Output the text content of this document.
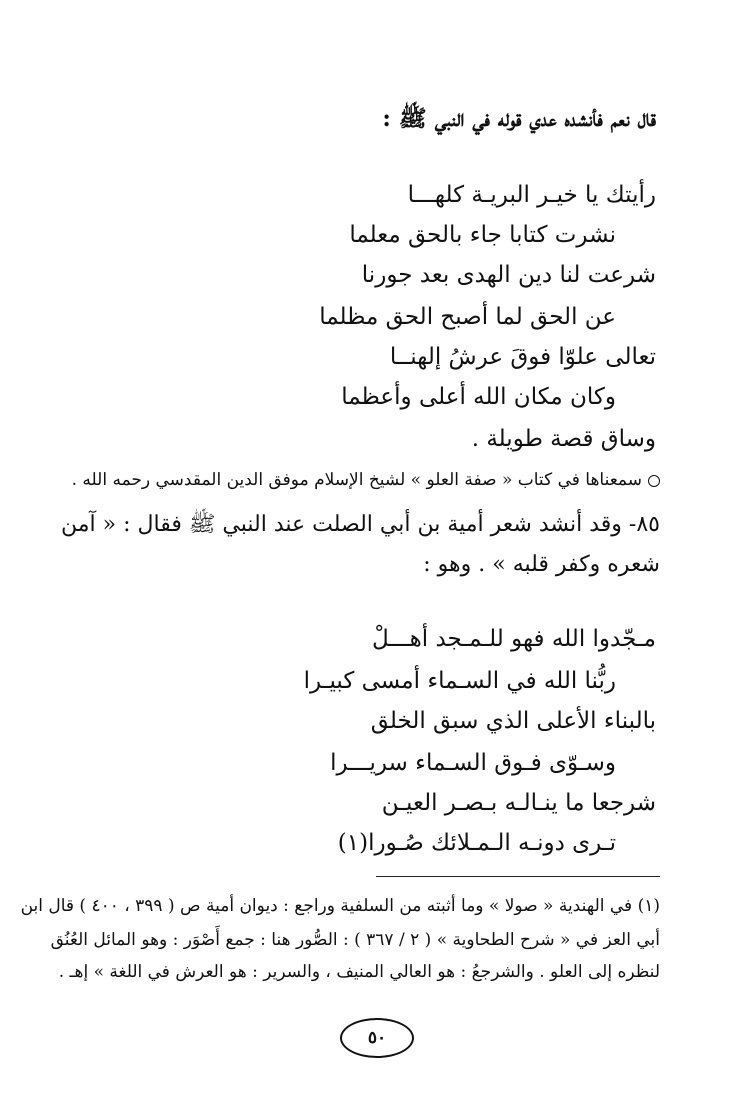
قال نعم فأنشده عدي قوله في النبي ﷺ :
رأيتك يا خيـر البريـة كلهـــا
نشرت كتابا جاء بالحق معلما
شرعت لنا دين الهدى بعد جورنا
عن الحق لما أصبح الحق مظلما
تعالى علوّا فوقَ عرشُ إلهنــا
وكان مكان الله أعلى وأعظما
وساق قصة طويلة .
سمعناها في كتاب « صفة العلو » لشيخ الإسلام موفق الدين المقدسي رحمه الله .
٨٥- وقد أنشد شعر أمية بن أبي الصلت عند النبي ﷺ فقال : « آمن
شعره وكفر قلبه » . وهو :
مـجّدوا الله فهو للـمـجد أهـــلْ
ربُّنا الله في السـماء أمسى كبيـرا
بالبناء الأعلى الذي سبق الخلق
وسـوّى فـوق السـماء سريـــرا
شرجعا ما ينـالـه بـصـر العيـن
تـرى دونـه الـمـلائك صُـورا(١)
(١) في الهندية « صولا » وما أثبته من السلفية وراجع : ديوان أمية ص ( ٣٩٩ ، ٤٠٠ ) قال ابن
أبي العز في « شرح الطحاوية » ( ٢ / ٣٦٧ ) : الصُّور هنا : جمع أَصْوَر : وهو المائل العُنُق
لنظره إلى العلو . والشرجعُ : هو العالي المنيف ، والسرير : هو العرش في اللغة » إهـ .
٥٠
